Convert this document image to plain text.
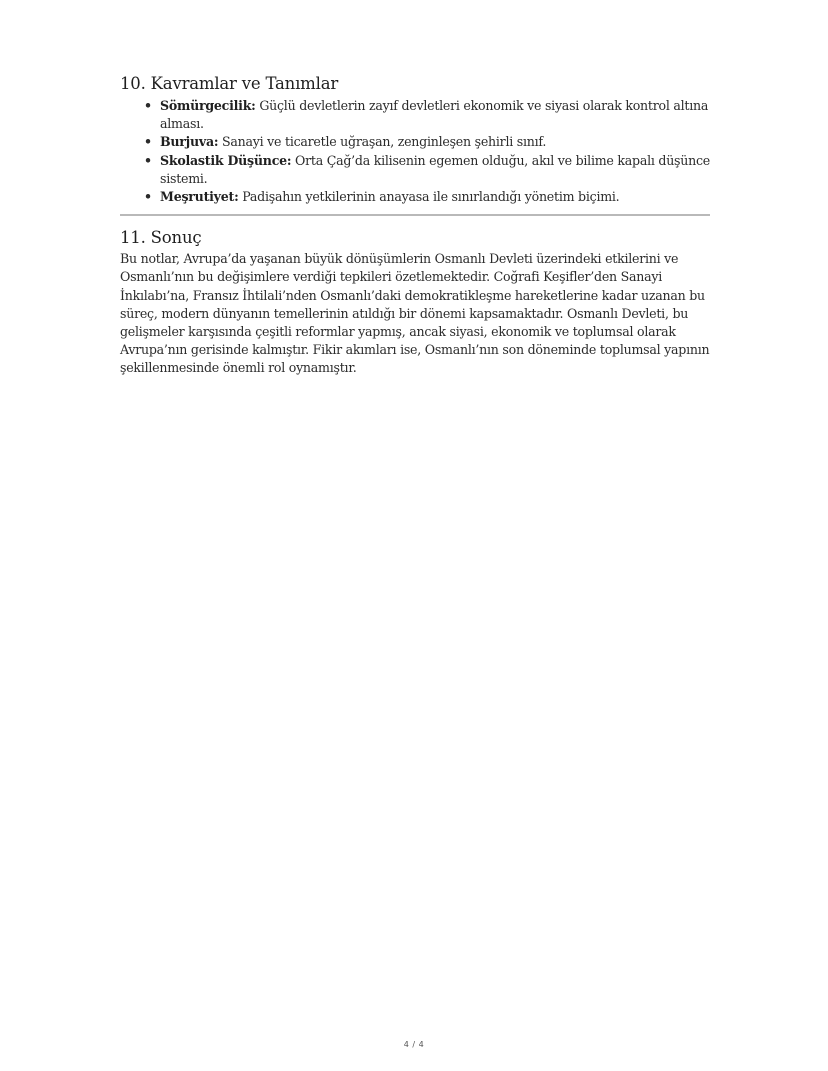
10. Kavramlar ve Tanımlar
• Sömürgecilik: Güçlü devletlerin zayıf devletleri ekonomik ve siyasi olarak kontrol altına alması.
• Burjuva: Sanayi ve ticaretle uğraşan, zenginleşen şehirli sınıf.
• Skolastik Düşünce: Orta Çağ’da kilisenin egemen olduğu, akıl ve bilime kapalı düşünce sistemi.
• Meşrutiyet: Padişahın yetkilerinin anayasa ile sınırlandığı yönetim biçimi.
11. Sonuç

Bu notlar, Avrupa’da yaşanan büyük dönüşümlerin Osmanlı Devleti üzerindeki etkilerini ve Osmanlı’nın bu değişimlere verdiği tepkileri özetlemektedir. Coğrafi Keşifler’den Sanayi İnkılabı’na, Fransız İhtilali’nden Osmanlı’daki demokratikleşme hareketlerine kadar uzanan bu süreç, modern dünyanın temellerinin atıldığı bir dönemi kapsamaktadır. Osmanlı Devleti, bu gelişmeler karşısında çeşitli reformlar yapmış, ancak siyasi, ekonomik ve toplumsal olarak Avrupa’nın gerisinde kalmıştır. Fikir akımları ise, Osmanlı’nın son döneminde toplumsal yapının şekillenmesinde önemli rol oynamıştır.

4 / 4
